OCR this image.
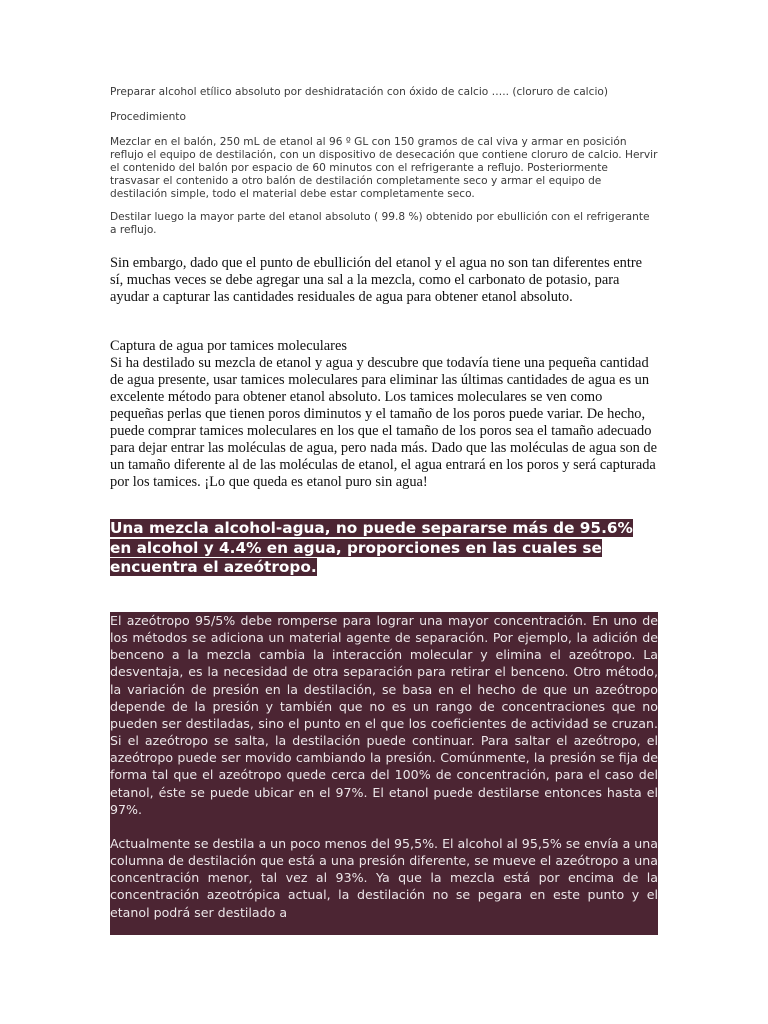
Preparar alcohol etílico absoluto por deshidratación con óxido de calcio ….. (cloruro de calcio)

Procedimiento

Mezclar en el balón, 250 mL de etanol al 96 º GL con 150 gramos de cal viva y armar en posición reflujo el equipo de destilación, con un dispositivo de desecación que contiene cloruro de calcio. Hervir el contenido del balón por espacio de 60 minutos con el refrigerante a reflujo. Posteriormente trasvasar el contenido a otro balón de destilación completamente seco y armar el equipo de destilación simple, todo el material debe estar completamente seco.

Destilar luego la mayor parte del etanol absoluto ( 99.8 %) obtenido por ebullición con el refrigerante a reflujo.

Sin embargo, dado que el punto de ebullición del etanol y el agua no son tan diferentes entre sí, muchas veces se debe agregar una sal a la mezcla, como el carbonato de potasio, para ayudar a capturar las cantidades residuales de agua para obtener etanol absoluto.

Captura de agua por tamices moleculares

Si ha destilado su mezcla de etanol y agua y descubre que todavía tiene una pequeña cantidad de agua presente, usar tamices moleculares para eliminar las últimas cantidades de agua es un excelente método para obtener etanol absoluto. Los tamices moleculares se ven como pequeñas perlas que tienen poros diminutos y el tamaño de los poros puede variar. De hecho, puede comprar tamices moleculares en los que el tamaño de los poros sea el tamaño adecuado para dejar entrar las moléculas de agua, pero nada más. Dado que las moléculas de agua son de un tamaño diferente al de las moléculas de etanol, el agua entrará en los poros y será capturada por los tamices. ¡Lo que queda es etanol puro sin agua!

Una mezcla alcohol-agua, no puede separarse más de 95.6% en alcohol y 4.4% en agua, proporciones en las cuales se encuentra el azeótropo.

El azeótropo 95/5% debe romperse para lograr una mayor concentración. En uno de los métodos se adiciona un material agente de separación. Por ejemplo, la adición de benceno a la mezcla cambia la interacción molecular y elimina el azeótropo. La desventaja, es la necesidad de otra separación para retirar el benceno. Otro método, la variación de presión en la destilación, se basa en el hecho de que un azeótropo depende de la presión y también que no es un rango de concentraciones que no pueden ser destiladas, sino el punto en el que los coeficientes de actividad se cruzan. Si el azeótropo se salta, la destilación puede continuar. Para saltar el azeótropo, el azeótropo puede ser movido cambiando la presión. Comúnmente, la presión se fija de forma tal que el azeótropo quede cerca del 100% de concentración, para el caso del etanol, éste se puede ubicar en el 97%. El etanol puede destilarse entonces hasta el 97%.

Actualmente se destila a un poco menos del 95,5%. El alcohol al 95,5% se envía a una columna de destilación que está a una presión diferente, se mueve el azeótropo a una concentración menor, tal vez al 93%. Ya que la mezcla está por encima de la concentración azeotrópica actual, la destilación no se pegara en este punto y el etanol podrá ser destilado a
